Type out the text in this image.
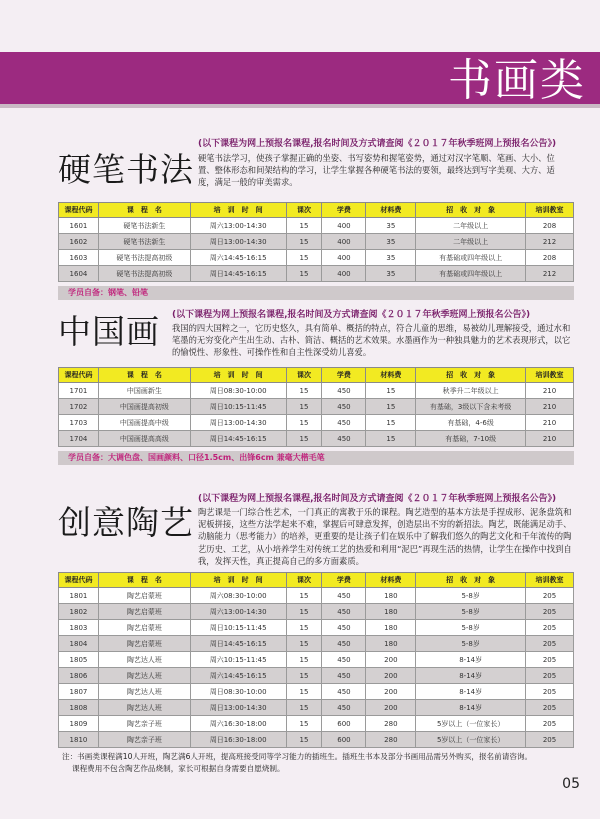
书画类
硬笔书法
(以下课程为网上预报名课程,报名时间及方式请查阅《２０１７年秋季班网上预报名公告》)
硬笔书法学习，使孩子掌握正确的坐姿、书写姿势和握笔姿势，通过对汉字笔顺、笔画、大小、位置、整体形态和间架结构的学习，让学生掌握各种硬笔书法的要领，最终达到写字美观、大方、适度，满足一般的审美需求。
课程代码	课　程　名	培　训　时　间	课次	学费	材料费	招　收　对　象	培训教室
1601	硬笔书法新生	周六13:00-14:30	15	400	35	二年级以上	208
1602	硬笔书法新生	周日13:00-14:30	15	400	35	二年级以上	212
1603	硬笔书法提高初级	周六14:45-16:15	15	400	35	有基础或四年级以上	208
1604	硬笔书法提高初级	周日14:45-16:15	15	400	35	有基础或四年级以上	212
学员自备：钢笔、铅笔
中国画 (以下课程为网上预报名课程,报名时间及方式请查阅《２０１７年秋季班网上预报名公告》)
我国的四大国粹之一，它历史悠久，具有简单、概括的特点，符合儿童的思维，易被幼儿理解接受，通过水和笔墨的无穷变化产生出生动、古朴、简洁、概括的艺术效果。水墨画作为一种独具魅力的艺术表现形式，以它的愉悦性、形象性、可操作性和自主性深受幼儿喜爱。
课程代码	课　程　名	培　训　时　间	课次	学费	材料费	招　收　对　象	培训教室
1701	中国画新生	周日08:30-10:00	15	450	15	秋季升二年级以上	210
1702	中国画提高初级	周日10:15-11:45	15	450	15	有基础，3级以下含未考级	210
1703	中国画提高中级	周日13:00-14:30	15	450	15	有基础，4-6级	210
1704	中国画提高高级	周日14:45-16:15	15	450	15	有基础，7-10级	210
学员自备：大调色盘、国画颜料、口径1.5cm、出锋6cm 兼毫大楷毛笔
创意陶艺
(以下课程为网上预报名课程,报名时间及方式请查阅《２０１７年秋季班网上预报名公告》)
陶艺课是一门综合性艺术，一门真正的寓教于乐的课程。陶艺造型的基本方法是手捏成形、泥条盘筑和泥板拼接，这些方法学起来不难，掌握后可肆意发挥，创造层出不穷的新招法。陶艺，既能满足动手、动脑能力（思考能力）的培养，更重要的是让孩子们在娱乐中了解我们悠久的陶艺文化和千年流传的陶艺历史、工艺，从小培养学生对传统工艺的热爱和利用“泥巴”再现生活的热情，让学生在操作中找到自我，发挥天性，真正提高自己的多方面素质。
课程代码	课　程　名	培　训　时　间	课次	学费	材料费	招　收　对　象	培训教室
1801	陶艺启蒙班	周六08:30-10:00	15	450	180	5-8岁	205
1802	陶艺启蒙班	周六13:00-14:30	15	450	180	5-8岁	205
1803	陶艺启蒙班	周日10:15-11:45	15	450	180	5-8岁	205
1804	陶艺启蒙班	周日14:45-16:15	15	450	180	5-8岁	205
1805	陶艺达人班	周六10:15-11:45	15	450	200	8-14岁	205
1806	陶艺达人班	周六14:45-16:15	15	450	200	8-14岁	205
1807	陶艺达人班	周日08:30-10:00	15	450	200	8-14岁	205
1808	陶艺达人班	周日13:00-14:30	15	450	200	8-14岁	205
1809	陶艺亲子班	周六16:30-18:00	15	600	280	5岁以上（一位家长）	205
1810	陶艺亲子班	周日16:30-18:00	15	600	280	5岁以上（一位家长）	205
注：书画类课程满10人开班，陶艺满6人开班，提高班接受同等学习能力的插班生。插班生书本及部分书画用品需另外购买，报名前请咨询。
课程费用不包含陶艺作品烧制，家长可根据自身需要自愿烧制。
05
